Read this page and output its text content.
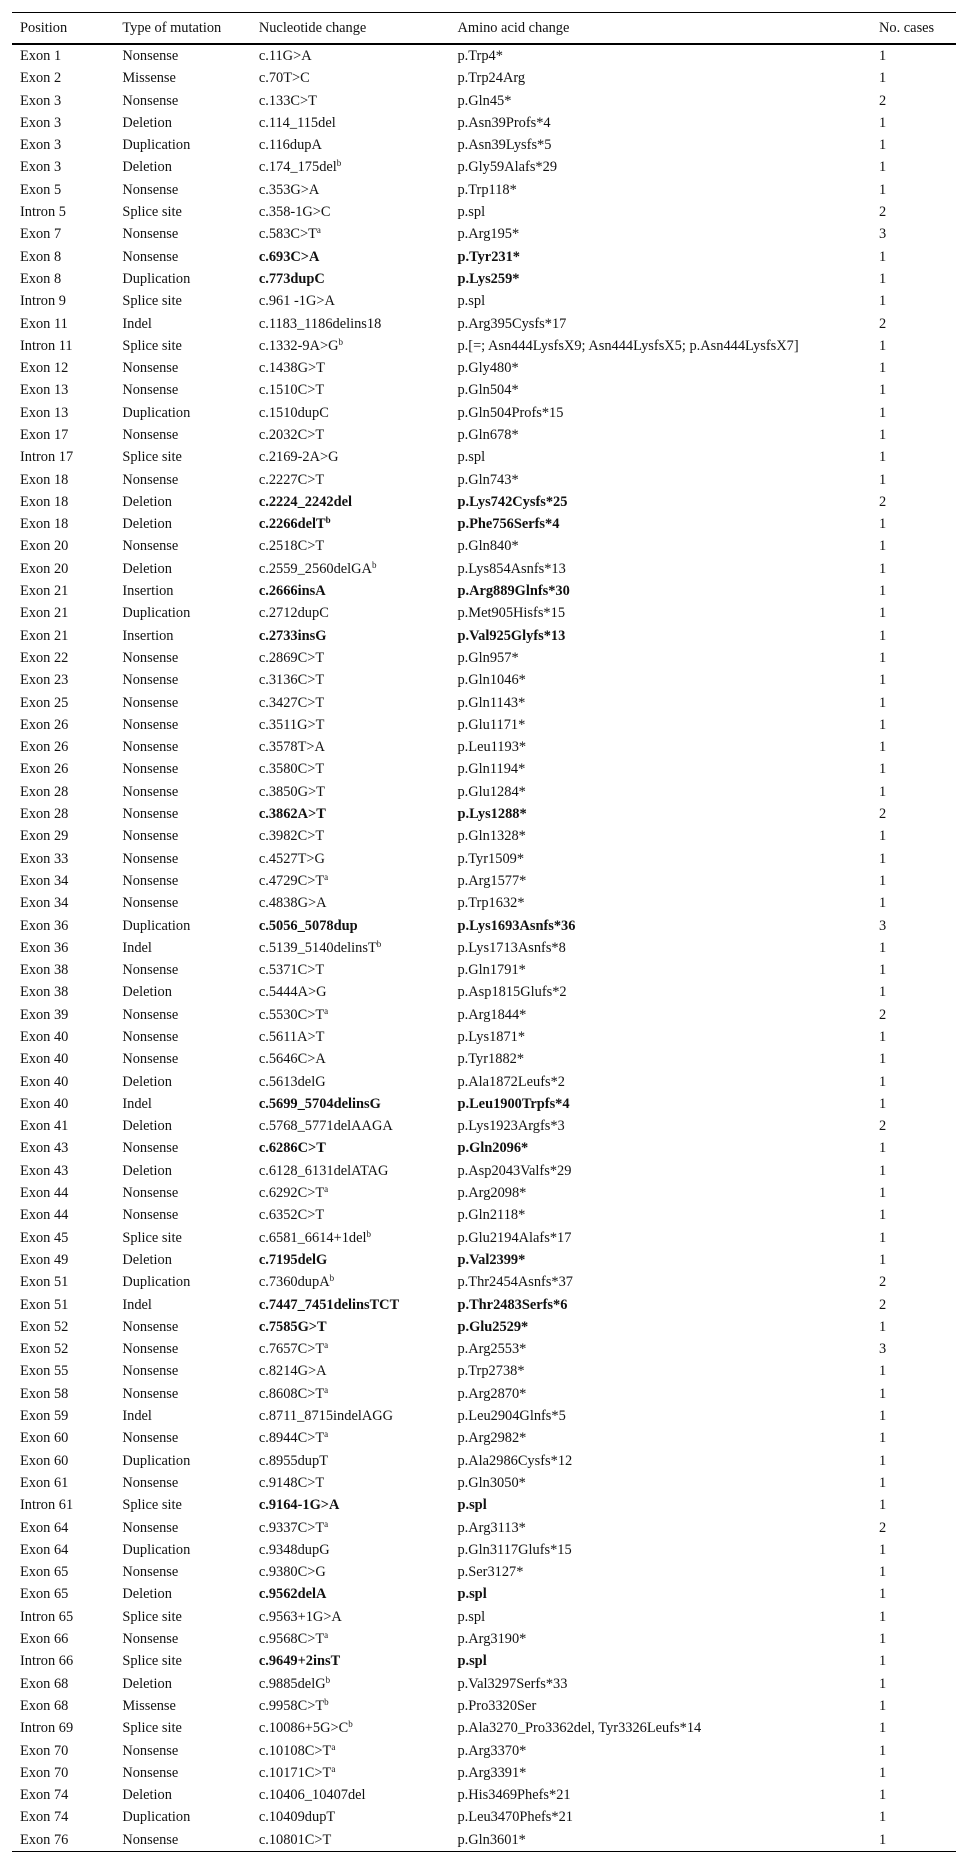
Position	Type of mutation	Nucleotide change	Amino acid change	No. cases
Exon 1	Nonsense	c.11G>A	p.Trp4*	1
Exon 2	Missense	c.70T>C	p.Trp24Arg	1
Exon 3	Nonsense	c.133C>T	p.Gln45*	2
Exon 3	Deletion	c.114_115del	p.Asn39Profs*4	1
Exon 3	Duplication	c.116dupA	p.Asn39Lysfs*5	1
Exon 3	Deletion	c.174_175del$^b$	p.Gly59Alafs*29	1
Exon 5	Nonsense	c.353G>A	p.Trp118*	1
Intron 5	Splice site	c.358-1G>C	p.spl	2
Exon 7	Nonsense	$c.583C>T^a$	p.Arg195*	3
Exon 8	Nonsense	c.693C>A	p.Tyr231*	1
Exon 8	Duplication	c.773dupC	p.Lys259*	1
Intron 9	Splice site	c.961 -1G>A	p.spl	1
Exon 11	Indel	c.1183_1186delins18	p.Arg395Cysfs*17	2
Intron 11	Splice site	$c.1332-9A>G^b$	p.[=; Asn444LysfsX9; Asn444LysfsX5; p.Asn444LysfsX7]	1
Exon 12	Nonsense	c.1438G>T	p.Gly480*	1
Exon 13	Nonsense	c.1510C>T	p.Gln504*	1
Exon 13	Duplication	c.1510dupC	p.Gln504Profs*15	1
Exon 17	Nonsense	c.2032C>T	p.Gln678*	1
Intron 17	Splice site	c.2169-2A>G	p.spl	1
Exon 18	Nonsense	c.2227C>T	p.Gln743*	1
Exon 18	Deletion	c.2224_2242del	p.Lys742Cysfs*25	2
Exon 18	Deletion	c.2266delT$^b$	p.Phe756Serfs*4	1
Exon 20	Nonsense	c.2518C>T	p.Gln840*	1
Exon 20	Deletion	c.2559_2560delGA$^b$	p.Lys854Asnfs*13	1
Exon 21	Insertion	c.2666insA	p.Arg889Glnfs*30	1
Exon 21	Duplication	c.2712dupC	p.Met905Hisfs*15	1
Exon 21	Insertion	c.2733insG	p.Val925Glyfs*13	1
Exon 22	Nonsense	c.2869C>T	p.Gln957*	1
Exon 23	Nonsense	c.3136C>T	p.Gln1046*	1
Exon 25	Nonsense	c.3427C>T	p.Gln1143*	1
Exon 26	Nonsense	c.3511G>T	p.Glu1171*	1
Exon 26	Nonsense	c.3578T>A	p.Leu1193*	1
Exon 26	Nonsense	c.3580C>T	p.Gln1194*	1
Exon 28	Nonsense	c.3850G>T	p.Glu1284*	1
Exon 28	Nonsense	c.3862A>T	p.Lys1288*	2
Exon 29	Nonsense	c.3982C>T	p.Gln1328*	1
Exon 33	Nonsense	c.4527T>G	p.Tyr1509*	1
Exon 34	Nonsense	$c.4729C>T^a$	p.Arg1577*	1
Exon 34	Nonsense	c.4838G>A	p.Trp1632*	1
Exon 36	Duplication	c.5056_5078dup	p.Lys1693Asnfs*36	3
Exon 36	Indel	c.5139_5140delinsT$^b$	p.Lys1713Asnfs*8	1
Exon 38	Nonsense	c.5371C>T	p.Gln1791*	1
Exon 38	Deletion	c.5444A>G	p.Asp1815Glufs*2	1
Exon 39	Nonsense	$c.5530C>T^a$	p.Arg1844*	2
Exon 40	Nonsense	c.5611A>T	p.Lys1871*	1
Exon 40	Nonsense	c.5646C>A	p.Tyr1882*	1
Exon 40	Deletion	c.5613delG	p.Ala1872Leufs*2	1
Exon 40	Indel	c.5699_5704delinsG	p.Leu1900Trpfs*4	1
Exon 41	Deletion	c.5768_5771delAAGA	p.Lys1923Argfs*3	2
Exon 43	Nonsense	c.6286C>T	p.Gln2096*	1
Exon 43	Deletion	c.6128_6131delATAG	p.Asp2043Valfs*29	1
Exon 44	Nonsense	$c.6292C>T^a$	p.Arg2098*	1
Exon 44	Nonsense	c.6352C>T	p.Gln2118*	1
Exon 45	Splice site	c.6581_6614+1del$^b$	p.Glu2194Alafs*17	1
Exon 49	Deletion	c.7195delG	p.Val2399*	1
Exon 51	Duplication	c.7360dupA$^b$	p.Thr2454Asnfs*37	2
Exon 51	Indel	c.7447_7451delinsTCT	p.Thr2483Serfs*6	2
Exon 52	Nonsense	c.7585G>T	p.Glu2529*	1
Exon 52	Nonsense	$c.7657C>T^a$	p.Arg2553*	3
Exon 55	Nonsense	c.8214G>A	p.Trp2738*	1
Exon 58	Nonsense	$c.8608C>T^a$	p.Arg2870*	1
Exon 59	Indel	c.8711_8715indelAGG	p.Leu2904Glnfs*5	1
Exon 60	Nonsense	$c.8944C>T^a$	p.Arg2982*	1
Exon 60	Duplication	c.8955dupT	p.Ala2986Cysfs*12	1
Exon 61	Nonsense	c.9148C>T	p.Gln3050*	1
Intron 61	Splice site	c.9164-1G>A	p.spl	1
Exon 64	Nonsense	$c.9337C>T^a$	p.Arg3113*	2
Exon 64	Duplication	c.9348dupG	p.Gln3117Glufs*15	1
Exon 65	Nonsense	c.9380C>G	p.Ser3127*	1
Exon 65	Deletion	c.9562delA	p.spl	1
Intron 65	Splice site	c.9563+1G>A	p.spl	1
Exon 66	Nonsense	$c.9568C>T^a$	p.Arg3190*	1
Intron 66	Splice site	c.9649+2insT	p.spl	1
Exon 68	Deletion	c.9885delG$^b$	p.Val3297Serfs*33	1
Exon 68	Missense	$c.9958C>T^b$	p.Pro3320Ser	1
Intron 69	Splice site	$c.10086+5G>C^b$	p.Ala3270_Pro3362del, Tyr3326Leufs*14	1
Exon 70	Nonsense	$c.10108C>T^a$	p.Arg3370*	1
Exon 70	Nonsense	$c.10171C>T^a$	p.Arg3391*	1
Exon 74	Deletion	c.10406_10407del	p.His3469Phefs*21	1
Exon 74	Duplication	c.10409dupT	p.Leu3470Phefs*21	1
Exon 76	Nonsense	c.10801C>T	p.Gln3601*	1
